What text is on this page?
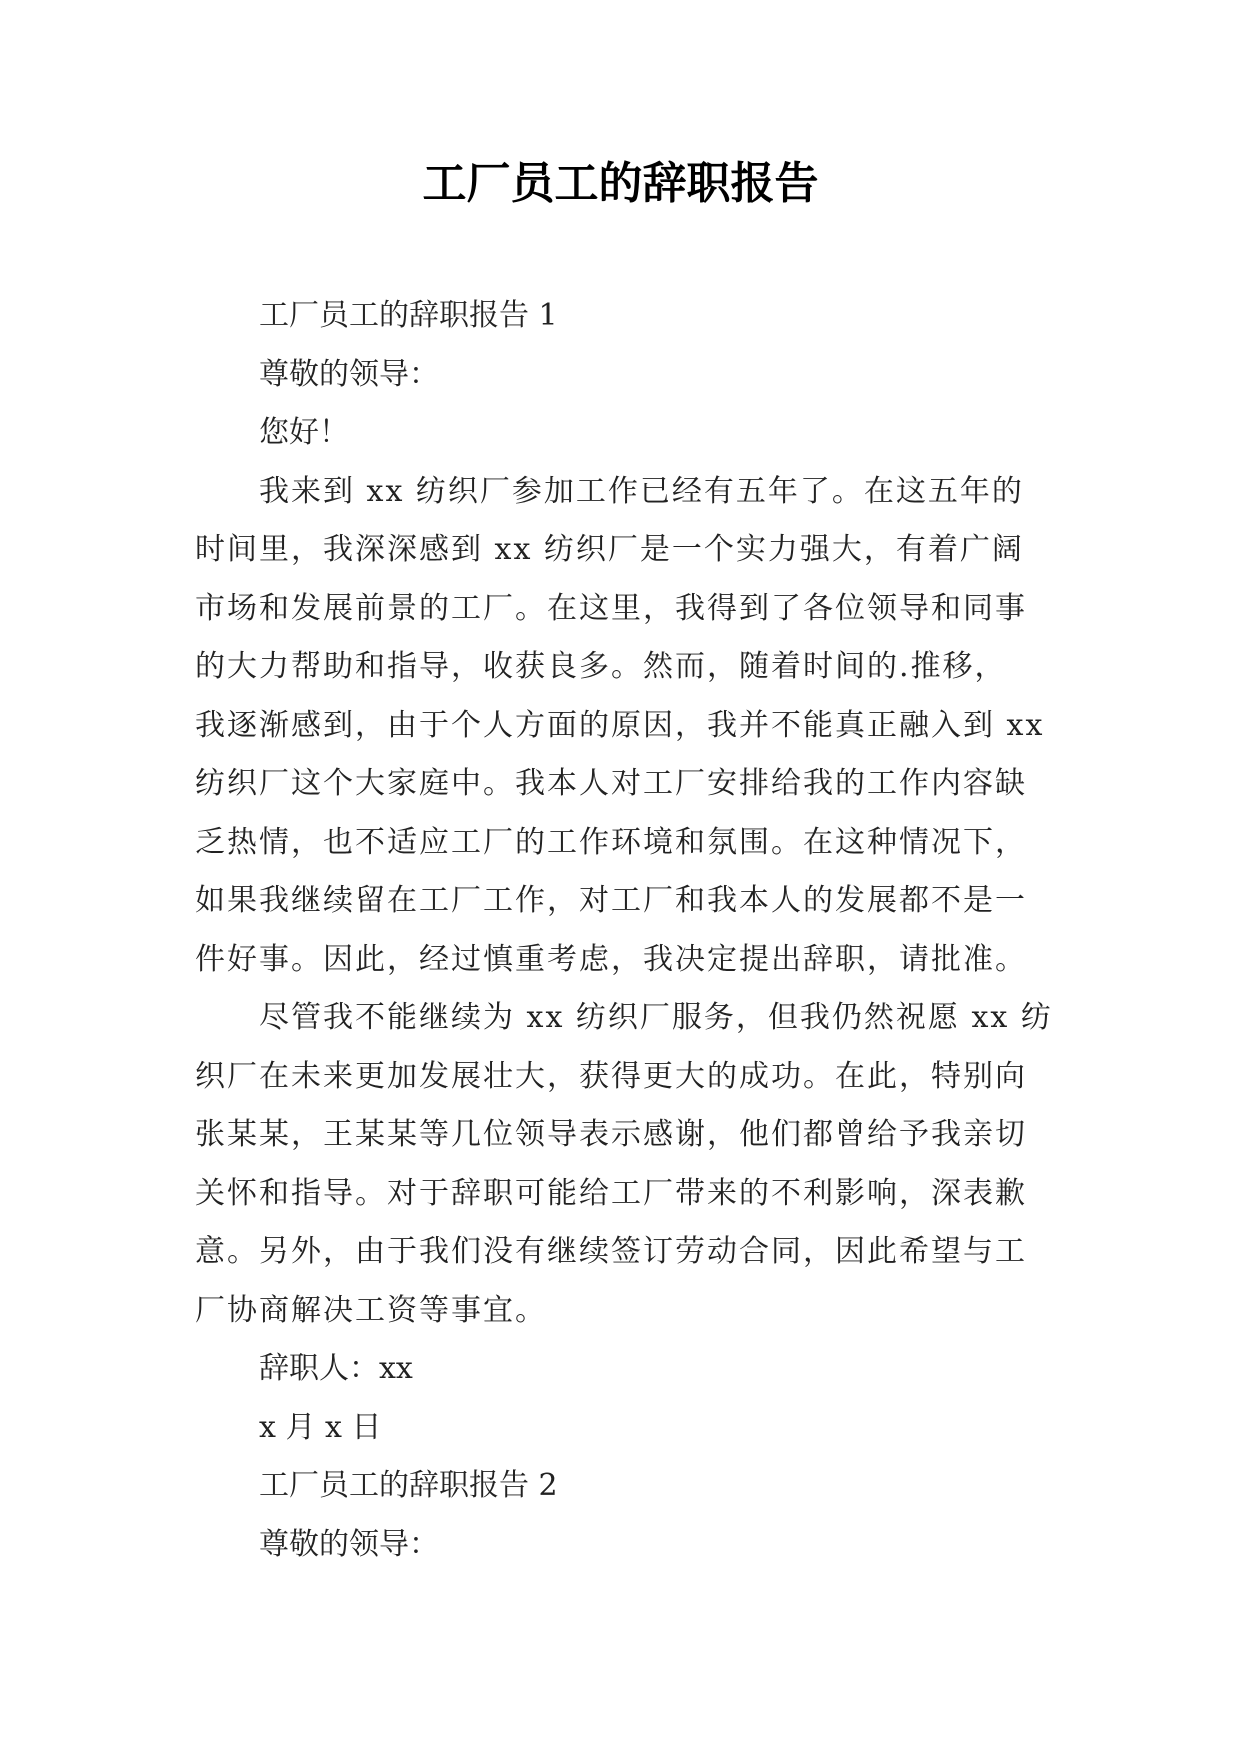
工厂员工的辞职报告
工厂员工的辞职报告 1
尊敬的领导：
您好！
我来到 xx 纺织厂参加工作已经有五年了。在这五年的
时间里，我深深感到 xx 纺织厂是一个实力强大，有着广阔
市场和发展前景的工厂。在这里，我得到了各位领导和同事
的大力帮助和指导，收获良多。然而，随着时间的.推移，
我逐渐感到，由于个人方面的原因，我并不能真正融入到 xx
纺织厂这个大家庭中。我本人对工厂安排给我的工作内容缺
乏热情，也不适应工厂的工作环境和氛围。在这种情况下，
如果我继续留在工厂工作，对工厂和我本人的发展都不是一
件好事。因此，经过慎重考虑，我决定提出辞职，请批准。
尽管我不能继续为 xx 纺织厂服务，但我仍然祝愿 xx 纺
织厂在未来更加发展壮大，获得更大的成功。在此，特别向
张某某，王某某等几位领导表示感谢，他们都曾给予我亲切
关怀和指导。对于辞职可能给工厂带来的不利影响，深表歉
意。另外，由于我们没有继续签订劳动合同，因此希望与工
厂协商解决工资等事宜。
辞职人：xx
x 月 x 日
工厂员工的辞职报告 2
尊敬的领导：
